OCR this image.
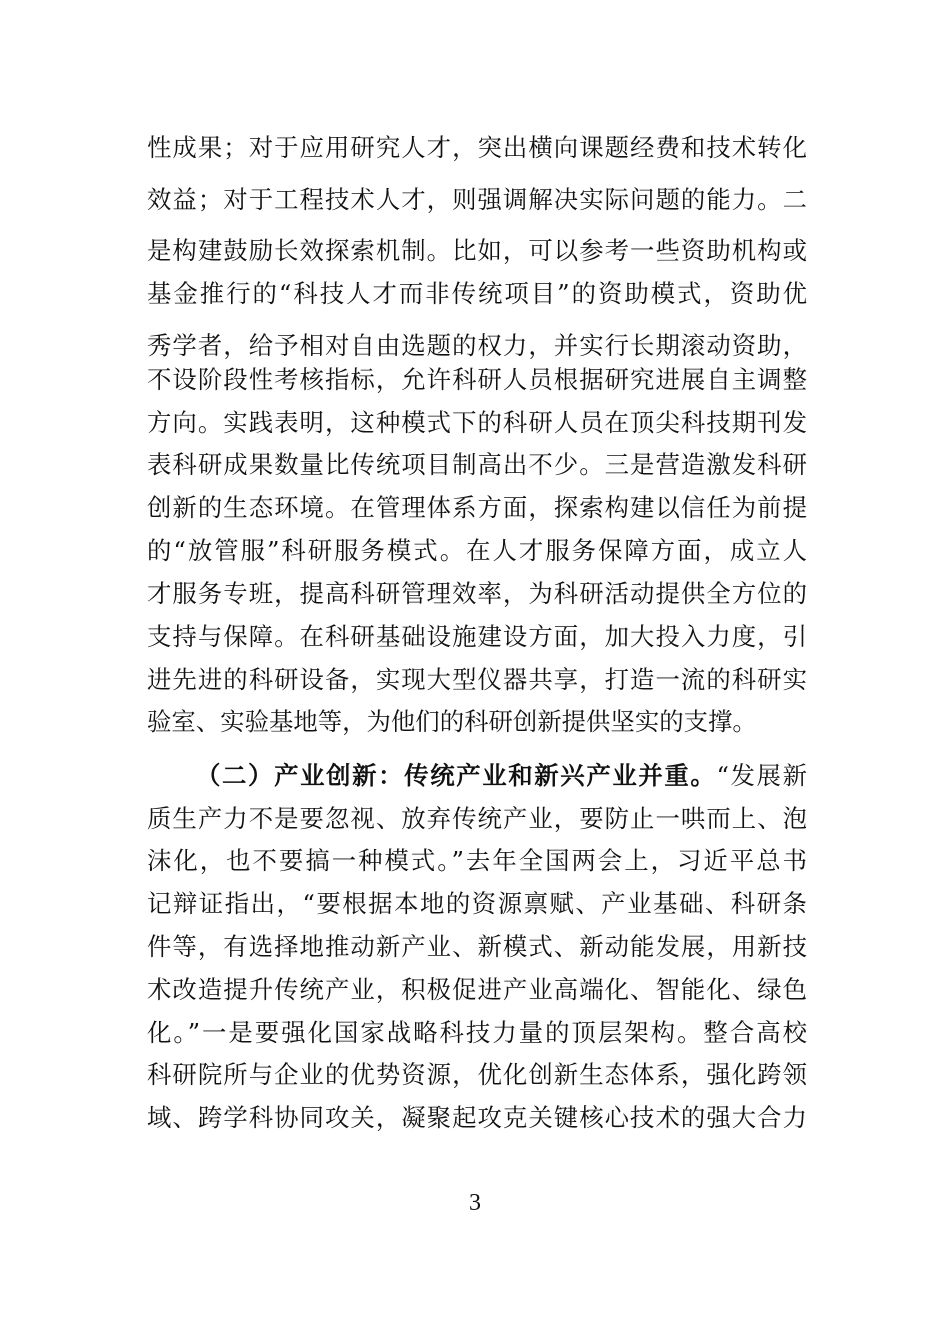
性成果；对于应用研究人才，突出横向课题经费和技术转化
效益；对于工程技术人才，则强调解决实际问题的能力。二
是构建鼓励长效探索机制。比如，可以参考一些资助机构或
基金推行的“科技人才而非传统项目”的资助模式，资助优
秀学者，给予相对自由选题的权力，并实行长期滚动资助，
不设阶段性考核指标，允许科研人员根据研究进展自主调整
方向。实践表明，这种模式下的科研人员在顶尖科技期刊发
表科研成果数量比传统项目制高出不少。三是营造激发科研
创新的生态环境。在管理体系方面，探索构建以信任为前提
的“放管服”科研服务模式。在人才服务保障方面，成立人
才服务专班，提高科研管理效率，为科研活动提供全方位的
支持与保障。在科研基础设施建设方面，加大投入力度，引
进先进的科研设备，实现大型仪器共享，打造一流的科研实
验室、实验基地等，为他们的科研创新提供坚实的支撑。
（二）产业创新：传统产业和新兴产业并重。“发展新
质生产力不是要忽视、放弃传统产业，要防止一哄而上、泡
沫化，也不要搞一种模式。”去年全国两会上，习近平总书
记辩证指出，“要根据本地的资源禀赋、产业基础、科研条
件等，有选择地推动新产业、新模式、新动能发展，用新技
术改造提升传统产业，积极促进产业高端化、智能化、绿色
化。”一是要强化国家战略科技力量的顶层架构。整合高校
科研院所与企业的优势资源，优化创新生态体系，强化跨领
域、跨学科协同攻关，凝聚起攻克关键核心技术的强大合力
3
